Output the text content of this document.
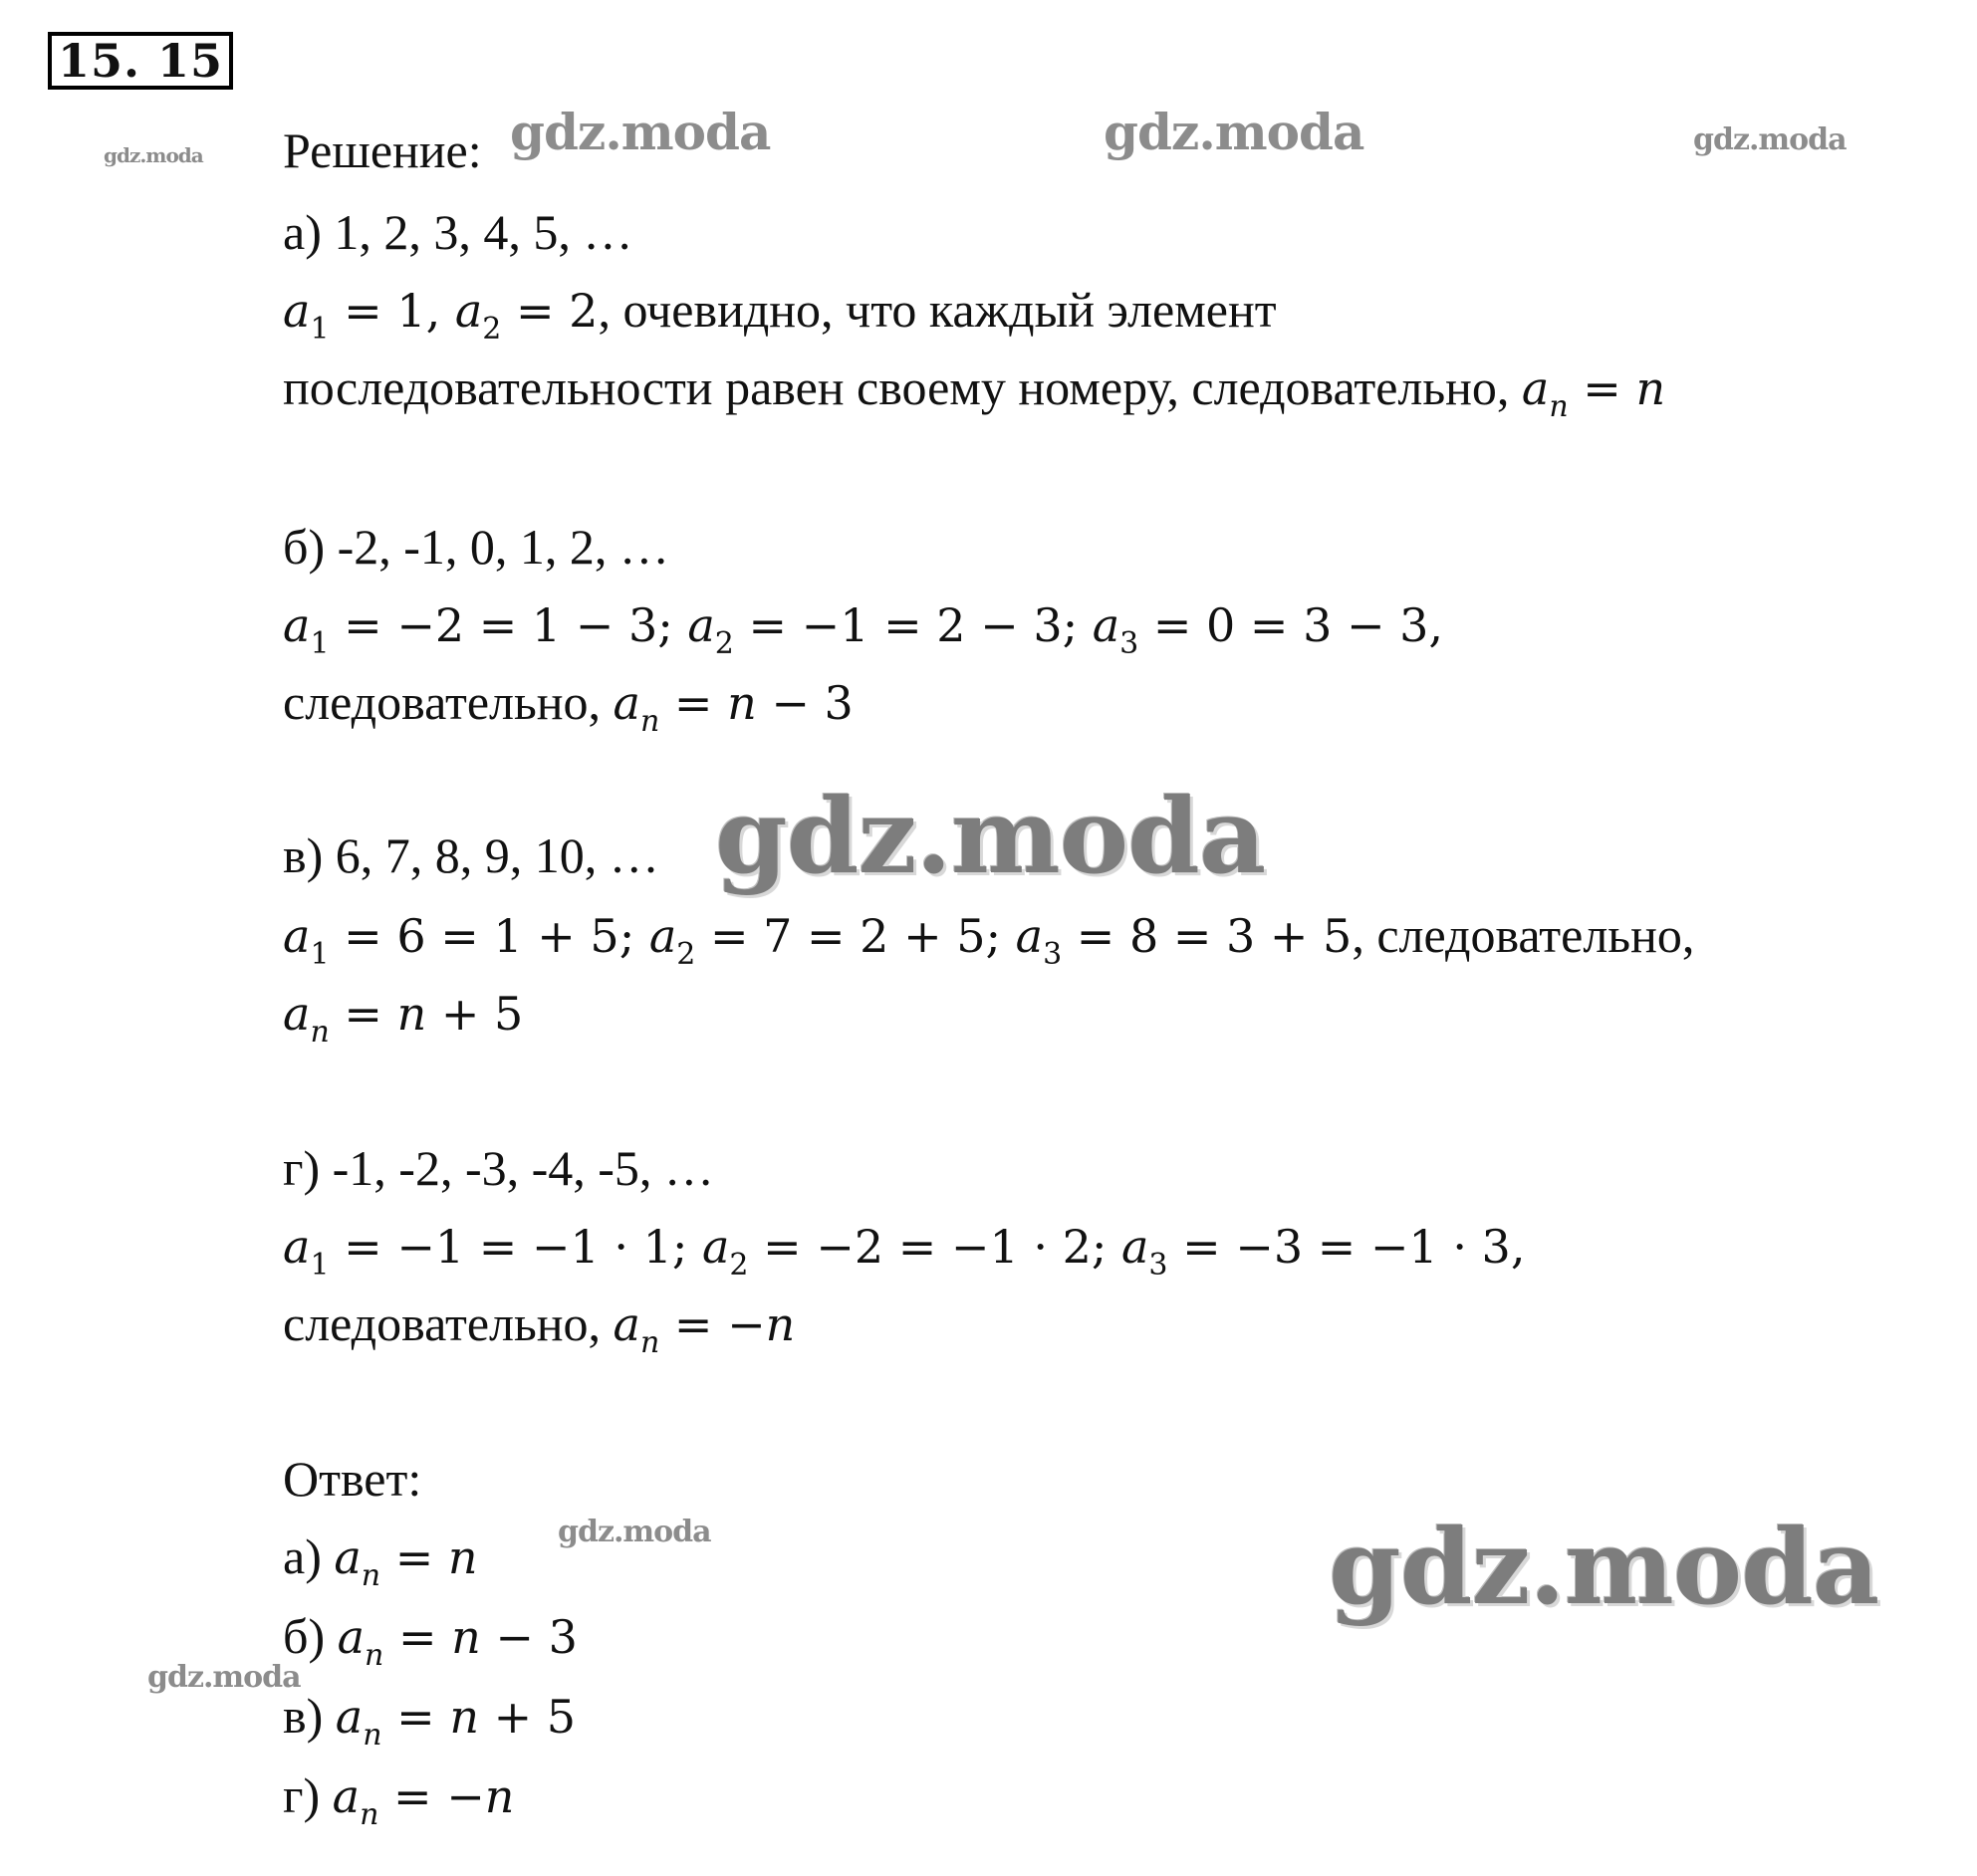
15. 15
gdz.moda	gdz.moda	gdz.moda	gdz.moda
gdz.moda
gdz.moda
gdz.moda
gdz.moda
Решение:
а) 1, 2, 3, 4, 5, …
$a_1 = 1$, $a_2 = 2$, очевидно, что каждый элемент
последовательности равен своему номеру, следовательно, $a_n = n$
б) -2, -1, 0, 1, 2, …
$a_1 = -2 = 1 - 3$; $a_2 = -1 = 2 - 3$; $a_3 = 0 = 3 - 3$,
следовательно, $a_n = n - 3$
в) 6, 7, 8, 9, 10, …
$a_1 = 6 = 1 + 5$; $a_2 = 7 = 2 + 5$; $a_3 = 8 = 3 + 5$, следовательно,
$a_n = n + 5$
г) -1, -2, -3, -4, -5, …
$a_1 = -1 = -1 \cdot 1$; $a_2 = -2 = -1 \cdot 2$; $a_3 = -3 = -1 \cdot 3$,
следовательно, $a_n = -n$
Ответ:
а) $a_n = n$
б) $a_n = n - 3$
в) $a_n = n + 5$
г) $a_n = -n$
